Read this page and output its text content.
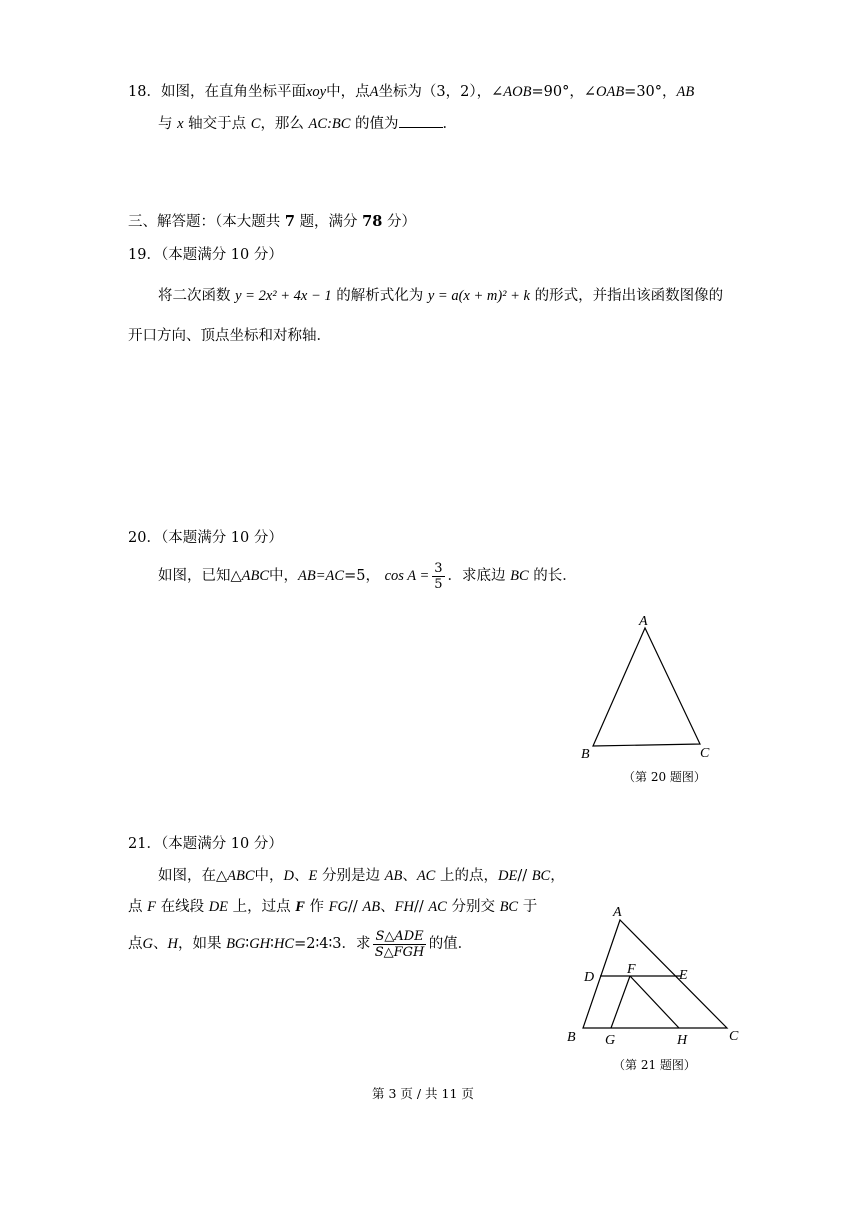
18．如图，在直角坐标平面xoy中，点A坐标为（3，2），∠AOB=90°，∠OAB=30°，AB
与 x 轴交于点 C，那么 AC:BC 的值为	．
三、解答题：（本大题共 7 题，满分 78 分）
19．（本题满分 10 分）
将二次函数 y = 2x² + 4x − 1 的解析式化为 y = a(x + m)² + k 的形式，并指出该函数图像的
开口方向、顶点坐标和对称轴．
20．（本题满分 10 分）
如图，已知△ABC中，AB=AC=5， $\cos A = \frac{3}{5}$ ．求底边 BC 的长．
A
B	C
（第 20 题图）
21．（本题满分 10 分）
如图，在△ABC中，D、E 分别是边 AB、AC 上的点，DE// BC，
点 F 在线段 DE 上，过点 F 作 FG// AB、FH// AC 分别交 BC 于
点G、H，如果 BG∶GH∶HC=2∶4∶3．求 $\frac{\text{S△ADE}}{\text{S△FGH}}$ 的值．
A
D
F	E
B G	H	C
（第 21 题图）
第 3 页 / 共 11 页
